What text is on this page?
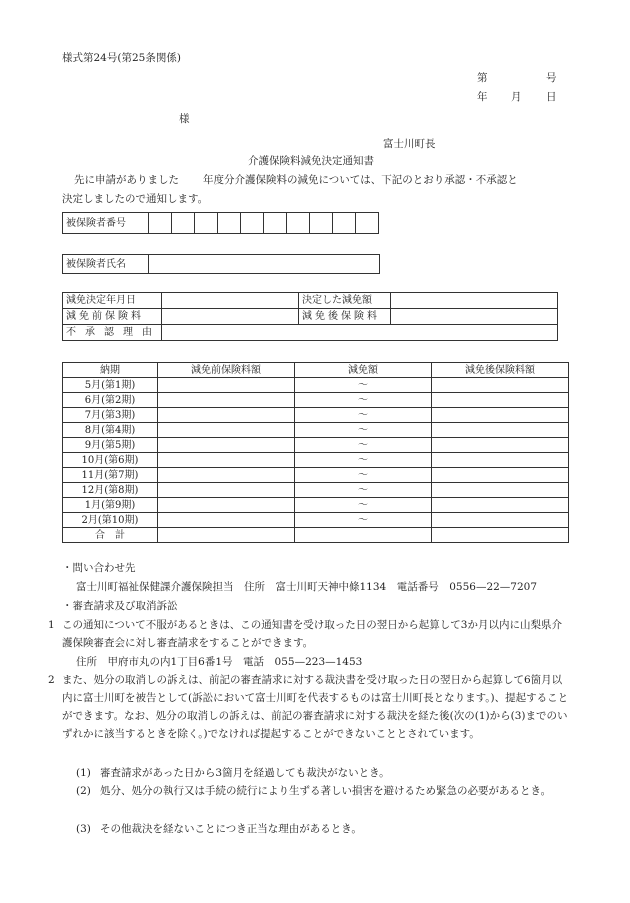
様式第24号(第25条関係)
第	号
年 月 日
様
富士川町長
介護保険料減免決定通知書
先に申請がありました 年度分介護保険料の減免については、下記のとおり承認・不承認と
決定しましたので通知します。
被保険者番号										
被保険者氏名	
減免決定年月日		決定した減免額	
減免前保険料		減免後保険料	
不承認理由			
納期	減免前保険料額	減免額	減免後保険料額
5月(第1期)		〜	
6月(第2期)		〜	
7月(第3期)		〜	
8月(第4期)		〜	
9月(第5期)		〜	
10月(第6期)		〜	
11月(第7期)		〜	
12月(第8期)		〜	
1月(第9期)		〜	
2月(第10期)		〜	
合　計			
・問い合わせ先
富士川町福祉保健課介護保険担当　住所　富士川町天神中條1134　電話番号　0556—22—7207
・審査請求及び取消訴訟
1 この通知について不服があるときは、この通知書を受け取った日の翌日から起算して3か月以内に山梨県介護保険審査会に対し審査請求をすることができます。
住所　甲府市丸の内1丁目6番1号　電話　055—223—1453
2 また、処分の取消しの訴えは、前記の審査請求に対する裁決書を受け取った日の翌日から起算して6箇月以内に富士川町を被告として(訴訟において富士川町を代表するものは富士川町長となります。)、提起することができます。なお、処分の取消しの訴えは、前記の審査請求に対する裁決を経た後(次の(1)から(3)までのいずれかに該当するときを除く。)でなければ提起することができないこととされています。
(1) 審査請求があった日から3箇月を経過しても裁決がないとき。
(2) 処分、処分の執行又は手続の続行により生ずる著しい損害を避けるため緊急の必要があるとき。
(3) その他裁決を経ないことにつき正当な理由があるとき。
